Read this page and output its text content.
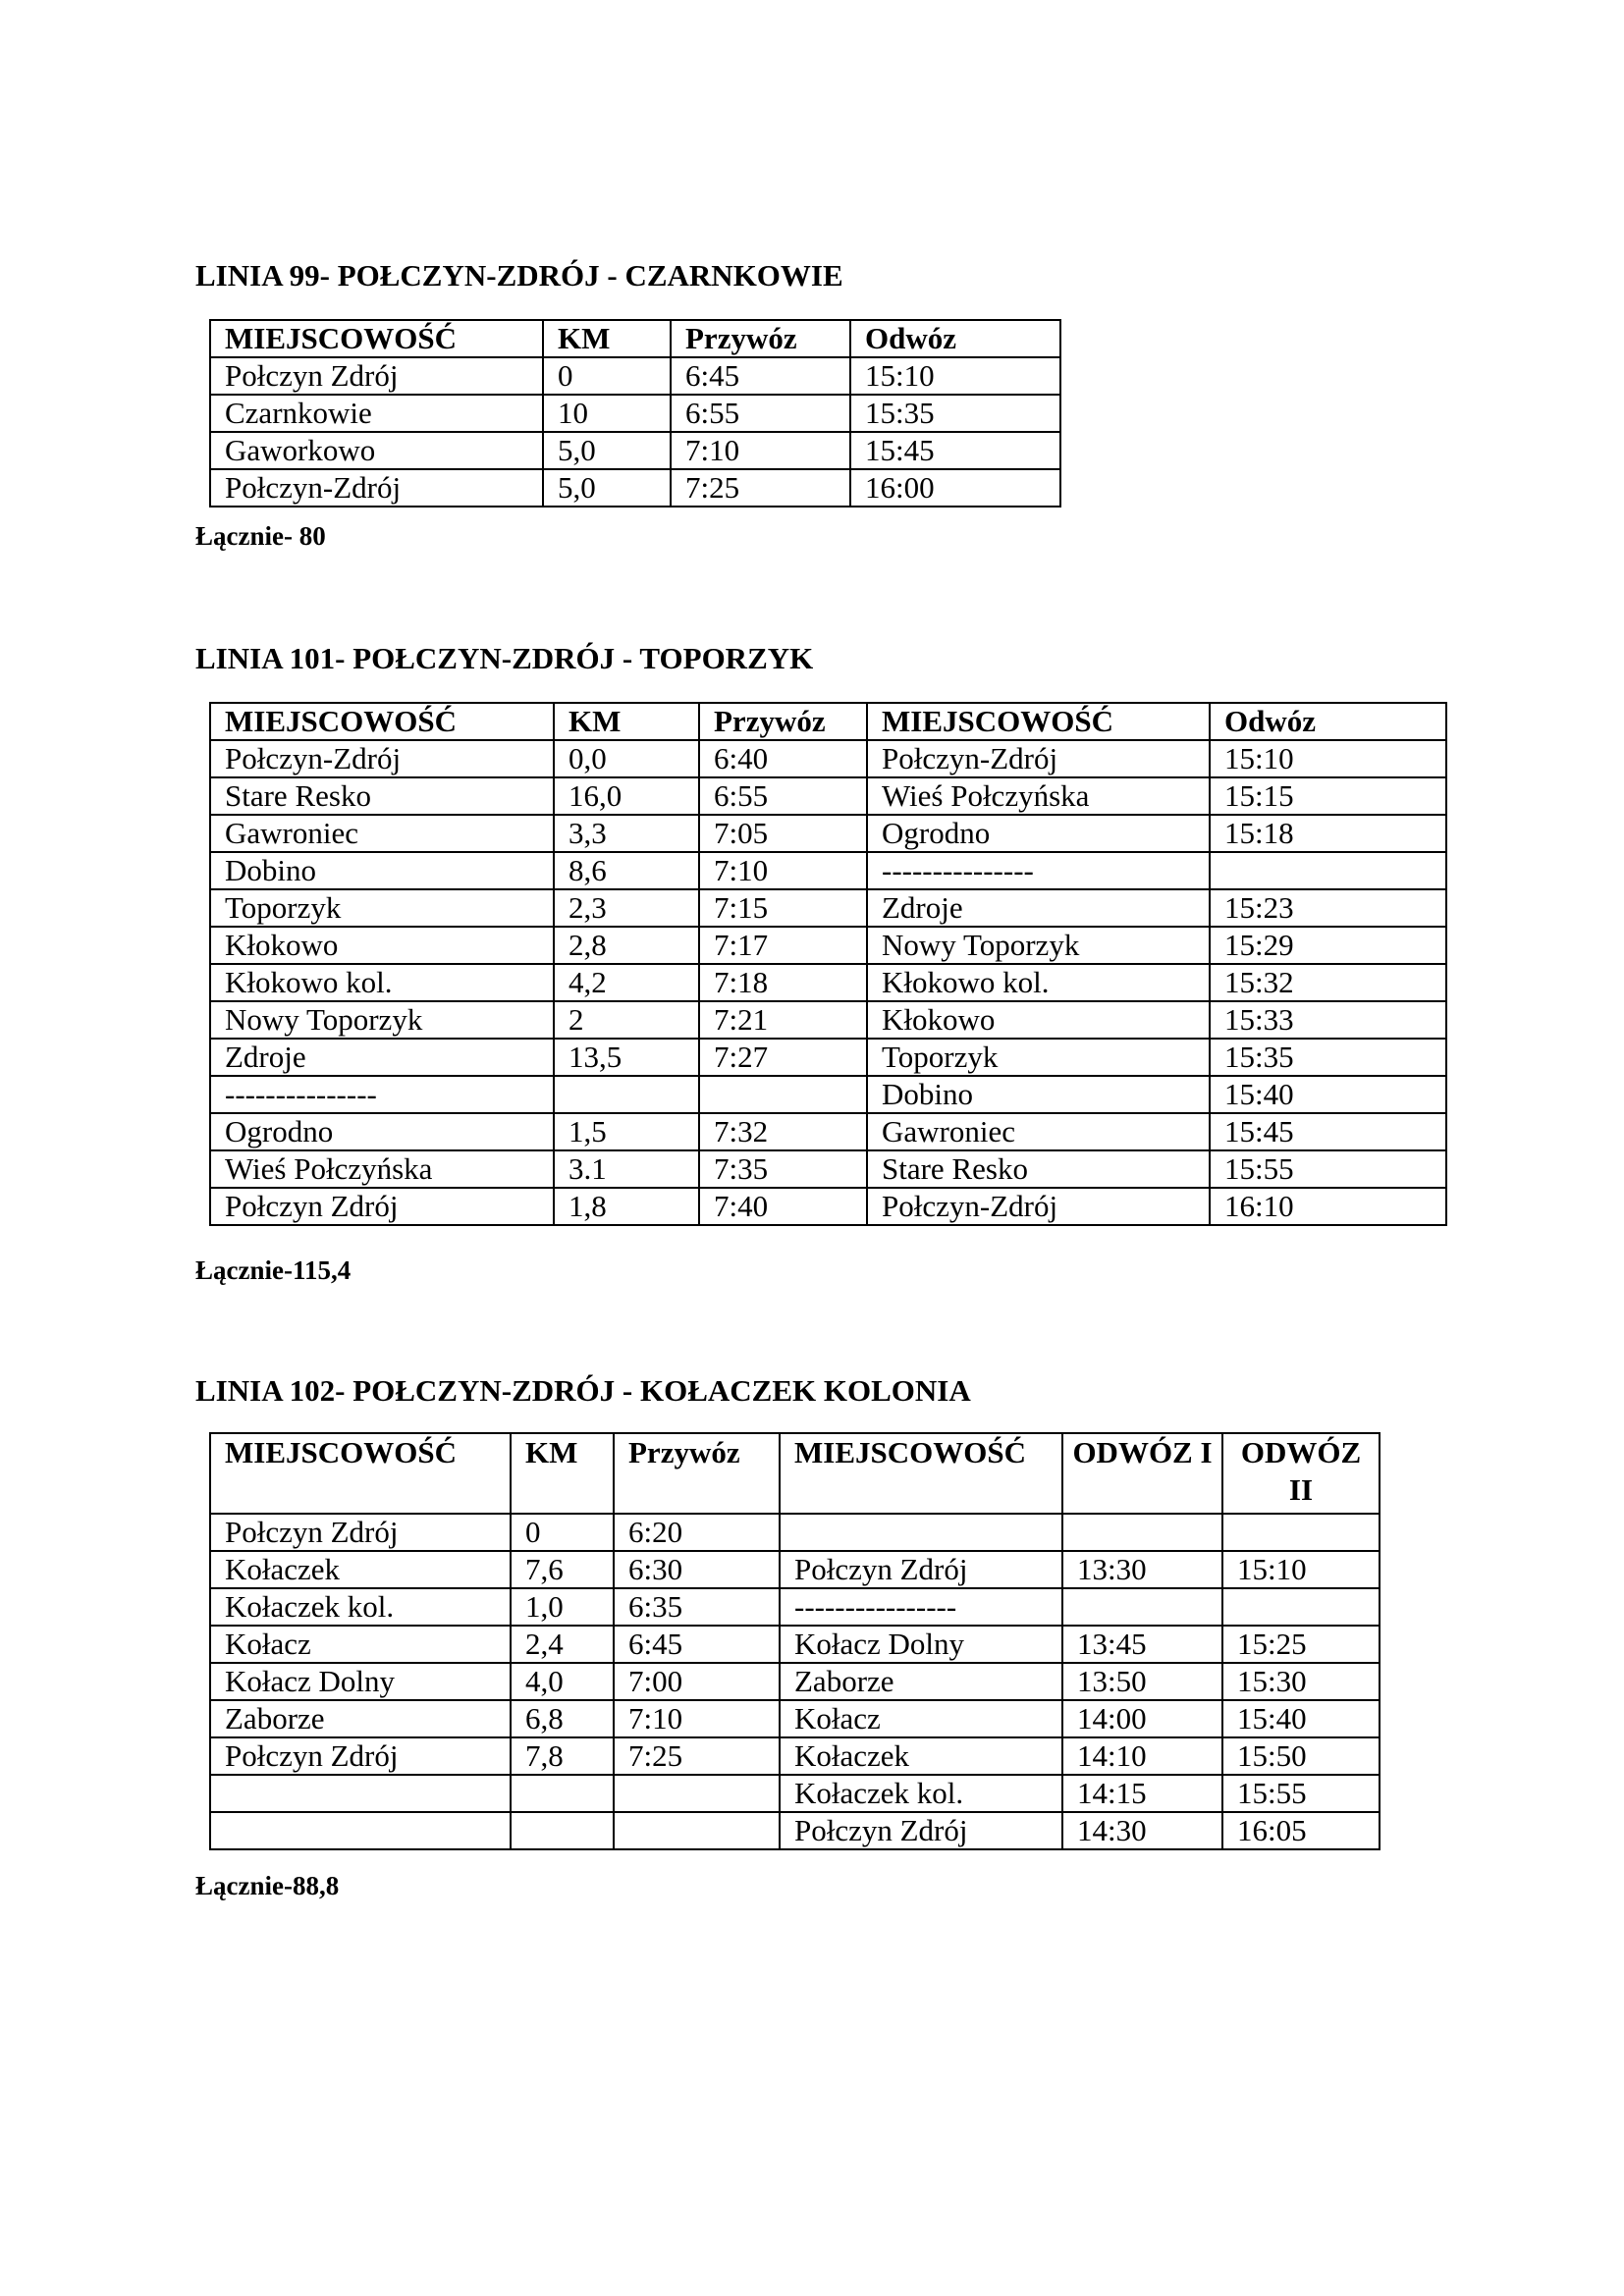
LINIA 99- POŁCZYN-ZDRÓJ - CZARNKOWIE
MIEJSCOWOŚĆ	KM	Przywóz	Odwóz
Połczyn Zdrój	0	6:45	15:10
Czarnkowie	10	6:55	15:35
Gaworkowo	5,0	7:10	15:45
Połczyn-Zdrój	5,0	7:25	16:00

Łącznie- 80

LINIA 101- POŁCZYN-ZDRÓJ - TOPORZYK
MIEJSCOWOŚĆ	KM	Przywóz	MIEJSCOWOŚĆ	Odwóz
Połczyn-Zdrój	0,0	6:40	Połczyn-Zdrój	15:10
Stare Resko	16,0	6:55	Wieś Połczyńska	15:15
Gawroniec	3,3	7:05	Ogrodno	15:18
Dobino	8,6	7:10	---------------	
Toporzyk	2,3	7:15	Zdroje	15:23
Kłokowo	2,8	7:17	Nowy Toporzyk	15:29
Kłokowo kol.	4,2	7:18	Kłokowo kol.	15:32
Nowy Toporzyk	2	7:21	Kłokowo	15:33
Zdroje	13,5	7:27	Toporzyk	15:35
---------------			Dobino	15:40
Ogrodno	1,5	7:32	Gawroniec	15:45
Wieś Połczyńska	3.1	7:35	Stare Resko	15:55
Połczyn Zdrój	1,8	7:40	Połczyn-Zdrój	16:10

Łącznie-115,4

LINIA 102- POŁCZYN-ZDRÓJ - KOŁACZEK KOLONIA
MIEJSCOWOŚĆ	KM	Przywóz	MIEJSCOWOŚĆ	ODWÓZ I	ODWÓZ II
Połczyn Zdrój	0	6:20			
Kołaczek	7,6	6:30	Połczyn Zdrój	13:30	15:10
Kołaczek kol.	1,0	6:35	----------------		
Kołacz	2,4	6:45	Kołacz Dolny	13:45	15:25
Kołacz Dolny	4,0	7:00	Zaborze	13:50	15:30
Zaborze	6,8	7:10	Kołacz	14:00	15:40
Połczyn Zdrój	7,8	7:25	Kołaczek	14:10	15:50
			Kołaczek kol.	14:15	15:55
			Połczyn Zdrój	14:30	16:05

Łącznie-88,8
